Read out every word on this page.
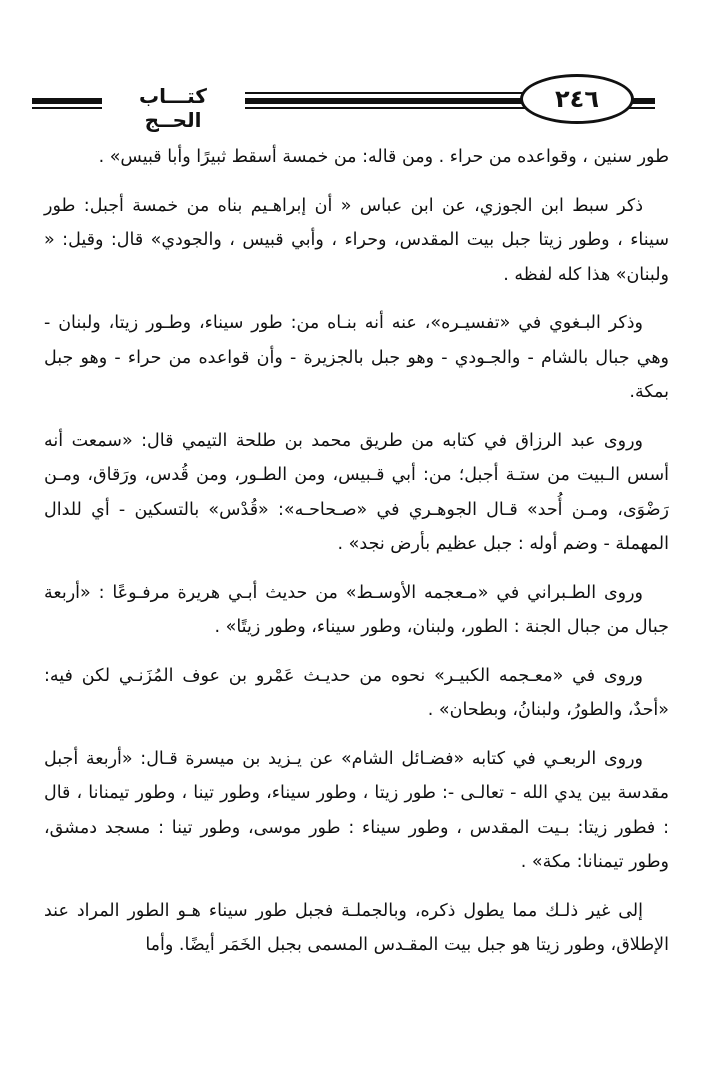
كتـــاب الحــج
٢٤٦

طور سنين ، وقواعده من حراء . ومن قاله: من خمسة أسقط ثبيرًا وأبا قبيس» .

ذكر سبط ابن الجوزي، عن ابن عباس « أن إبراهـيم بناه من خمسة أجبل: طور سيناء ، وطور زيتا جبل بيت المقدس، وحراء ، وأبي قبيس ، والجودي» قال: وقيل: « ولبنان» هذا كله لفظه .

وذكر البـغوي في «تفسيـره»، عنه أنه بنـاه من: طور سيناء، وطـور زيتا، ولبنان - وهي جبال بالشام - والجـودي - وهو جبل بالجزيرة - وأن قواعده من حراء - وهو جبل بمكة.

وروى عبد الرزاق في كتابه من طريق محمد بن طلحة التيمي قال: «سمعت أنه أسس الـبيت من ستـة أجبل؛ من: أبي قـبيس، ومن الطـور، ومن قُدس، ورَقاق، ومـن رَضْوَى، ومـن أُحد» قـال الجوهـري في «صـحاحـه»: «قُدْس» بالتسكين - أي للدال المهملة - وضم أوله : جبل عظيم بأرض نجد» .

وروى الطـبراني في «مـعجمه الأوسـط» من حديث أبـي هريرة مرفـوعًا : «أربعة جبال من جبال الجنة : الطور، ولبنان، وطور سيناء، وطور زيتًا» .

وروى في «معـجمه الكبيـر» نحوه من حديـث عَمْرو بن عوف المُزَنـي لكن فيه: «أحدٌ، والطورُ، ولبنانُ، وبطحان» .

وروى الربعـي في كتابه «فضـائل الشام» عن يـزيد بن ميسرة قـال: «أربعة أجبل مقدسة بين يدي الله - تعالـى -: طور زيتا ، وطور سيناء، وطور تينا ، وطور تيمنانا ، قال : فطور زيتا: بـيت المقدس ، وطور سيناء : طور موسى، وطور تينا : مسجد دمشق، وطور تيمنانا: مكة» .

إلى غير ذلـك مما يطول ذكره، وبالجملـة فجبل طور سيناء هـو الطور المراد عند الإطلاق، وطور زيتا هو جبل بيت المقـدس المسمى بجبل الخَمَر أيضًا. وأما
